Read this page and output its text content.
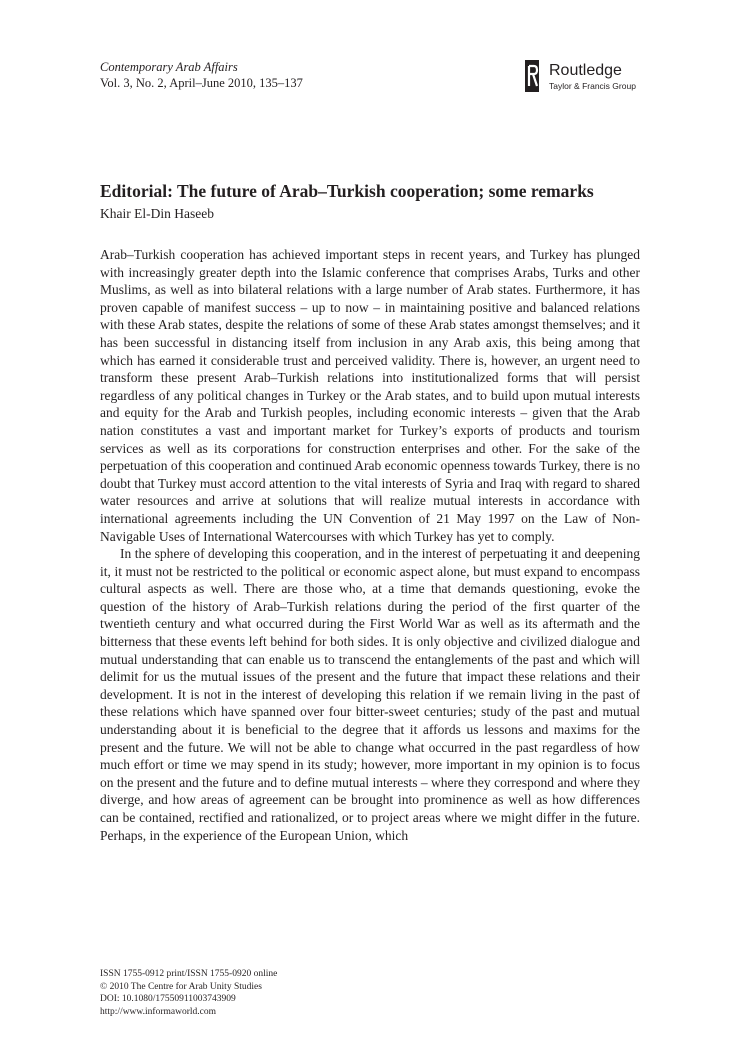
Contemporary Arab Affairs
Vol. 3, No. 2, April–June 2010, 135–137
Routledge
Taylor & Francis Group
Editorial: The future of Arab–Turkish cooperation; some remarks
Khair El-Din Haseeb

Arab–Turkish cooperation has achieved important steps in recent years, and Turkey has plunged with increasingly greater depth into the Islamic conference that comprises Arabs, Turks and other Muslims, as well as into bilateral relations with a large number of Arab states. Furthermore, it has proven capable of manifest success – up to now – in maintaining positive and balanced relations with these Arab states, despite the relations of some of these Arab states amongst themselves; and it has been successful in distancing itself from inclusion in any Arab axis, this being among that which has earned it considerable trust and perceived validity. There is, however, an urgent need to transform these present Arab–Turkish relations into institutionalized forms that will persist regardless of any political changes in Turkey or the Arab states, and to build upon mutual interests and equity for the Arab and Turkish peoples, including economic interests – given that the Arab nation constitutes a vast and important market for Turkey’s exports of products and tourism services as well as its corporations for construction enterprises and other. For the sake of the perpetuation of this cooperation and continued Arab economic openness towards Turkey, there is no doubt that Turkey must accord attention to the vital interests of Syria and Iraq with regard to shared water resources and arrive at solutions that will realize mutual interests in accordance with international agreements including the UN Convention of 21 May 1997 on the Law of Non-Navigable Uses of International Watercourses with which Turkey has yet to comply.

In the sphere of developing this cooperation, and in the interest of perpetuating it and deepening it, it must not be restricted to the political or economic aspect alone, but must expand to encompass cultural aspects as well. There are those who, at a time that demands questioning, evoke the question of the history of Arab–Turkish relations during the period of the first quarter of the twentieth century and what occurred during the First World War as well as its aftermath and the bitterness that these events left behind for both sides. It is only objective and civilized dialogue and mutual understanding that can enable us to transcend the entanglements of the past and which will delimit for us the mutual issues of the present and the future that impact these relations and their development. It is not in the interest of developing this relation if we remain living in the past of these relations which have spanned over four bitter-sweet centuries; study of the past and mutual understanding about it is beneficial to the degree that it affords us lessons and maxims for the present and the future. We will not be able to change what occurred in the past regardless of how much effort or time we may spend in its study; however, more important in my opinion is to focus on the present and the future and to define mutual interests – where they correspond and where they diverge, and how areas of agreement can be brought into prominence as well as how differences can be contained, rectified and rationalized, or to project areas where we might differ in the future. Perhaps, in the experience of the European Union, which

ISSN 1755-0912 print/ISSN 1755-0920 online
© 2010 The Centre for Arab Unity Studies
DOI: 10.1080/17550911003743909
http://www.informaworld.com
